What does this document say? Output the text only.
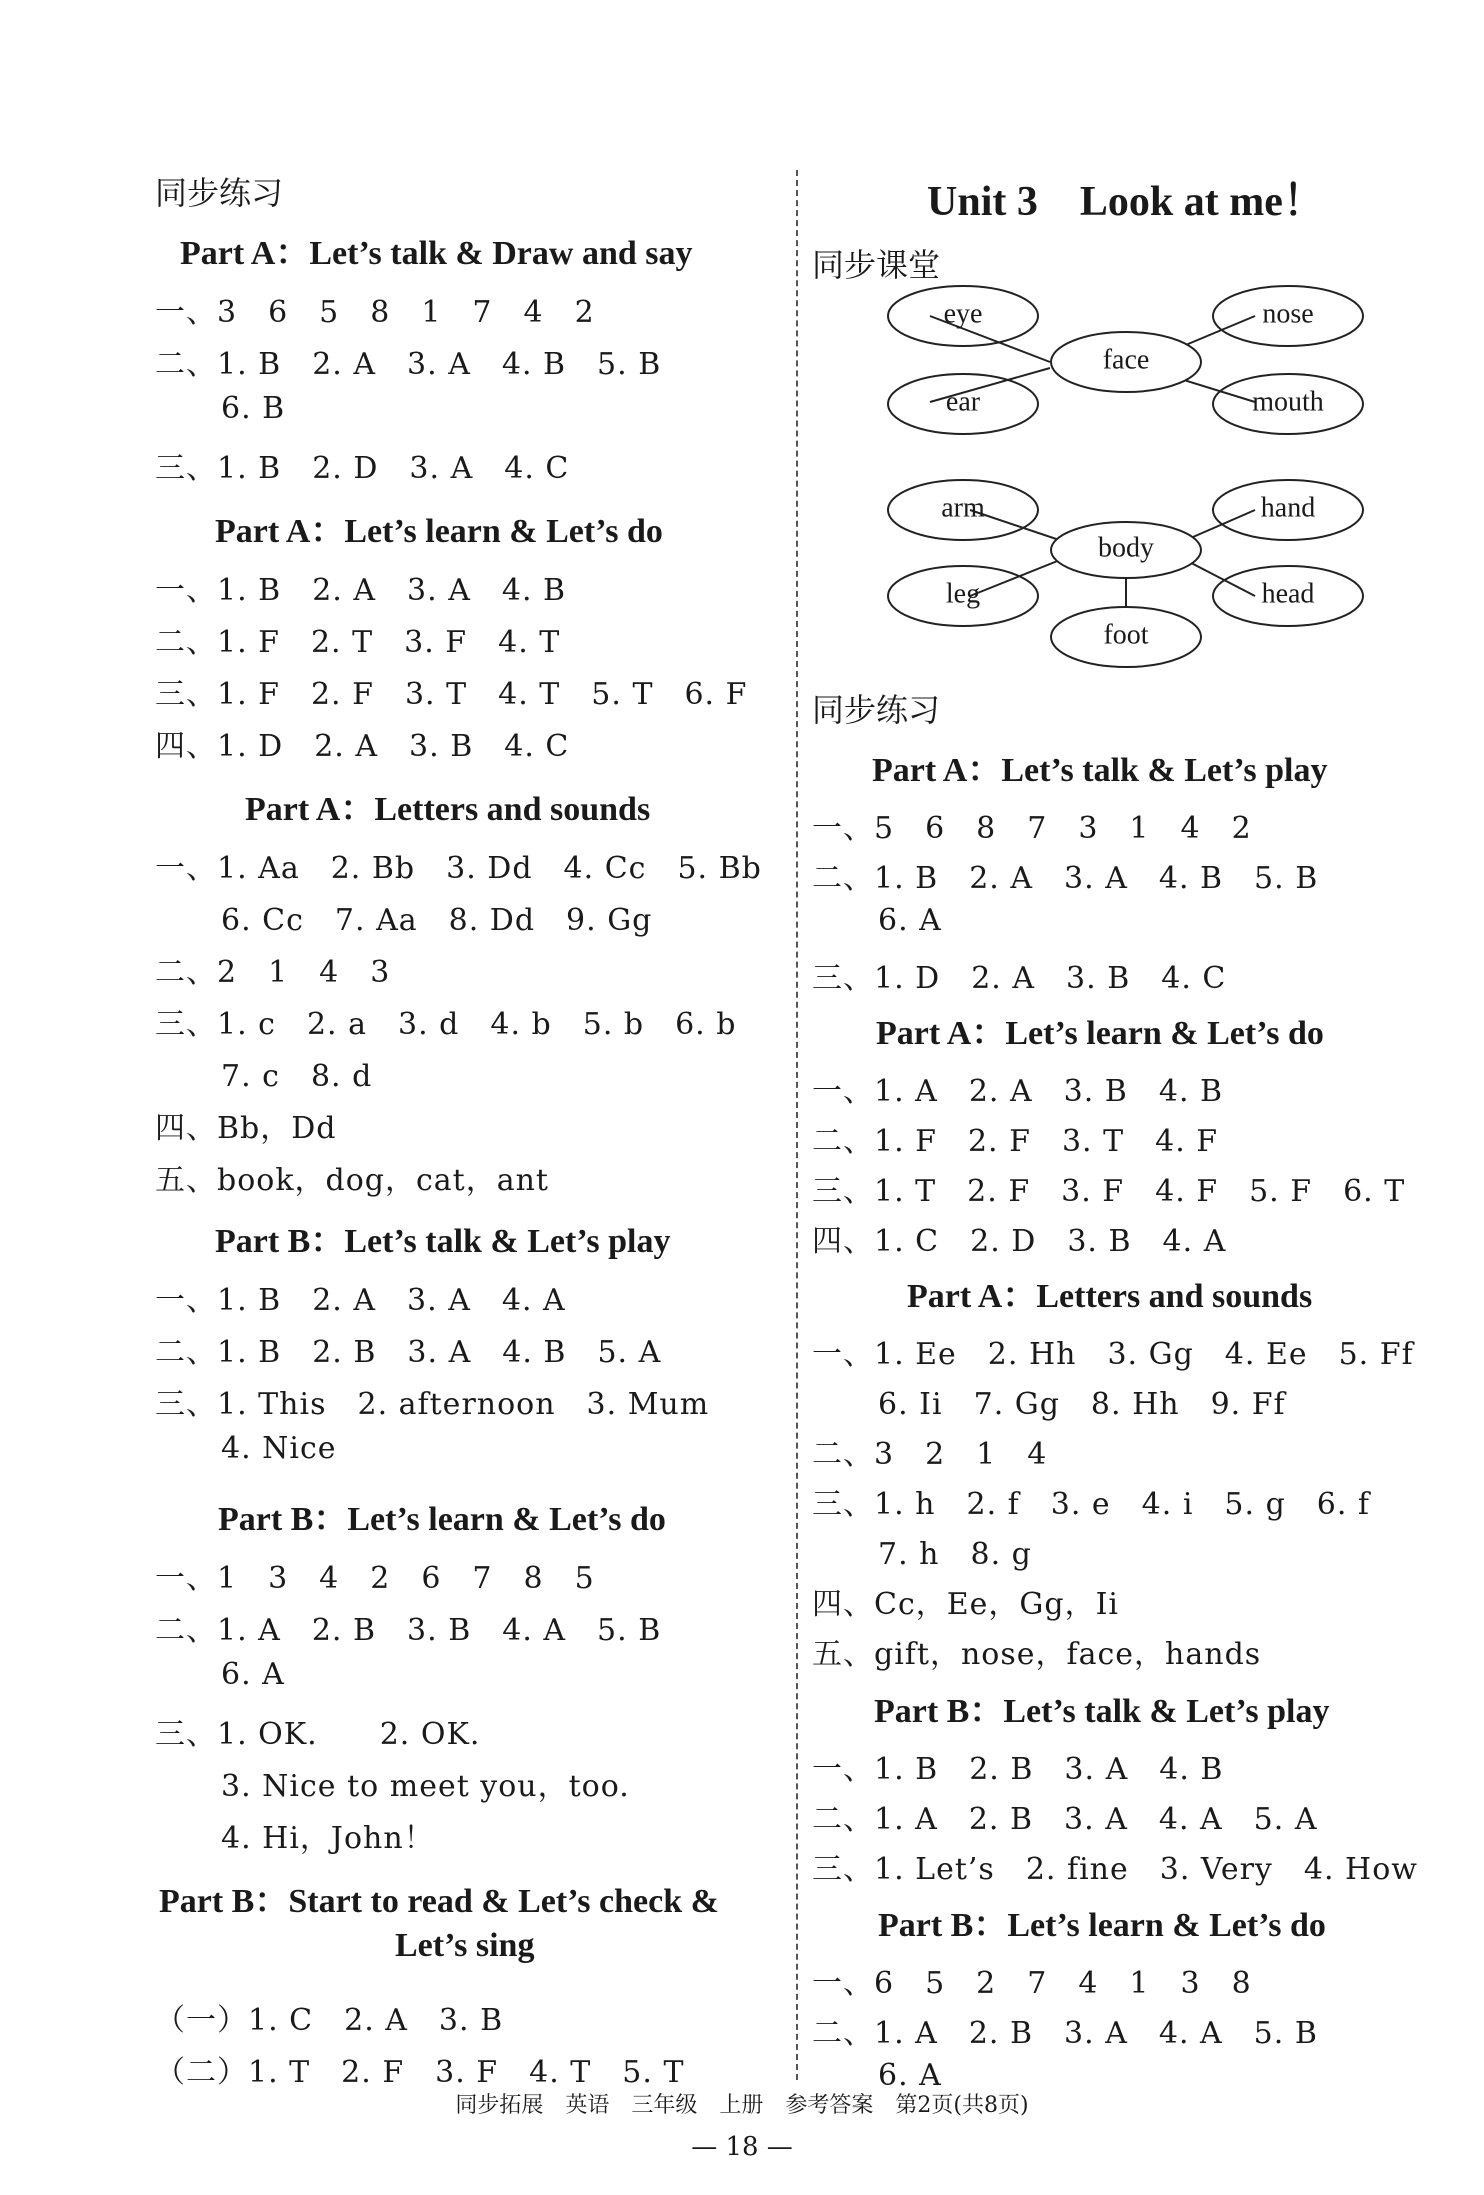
同步练习
Part A：Let’s talk & Draw and say
一、3　6　5　8　1　7　4　2
二、1. B　2. A　3. A　4. B　5. B
6. B
三、1. B　2. D　3. A　4. C
Part A：Let’s learn & Let’s do
一、1. B　2. A　3. A　4. B
二、1. F　2. T　3. F　4. T
三、1. F　2. F　3. T　4. T　5. T　6. F
四、1. D　2. A　3. B　4. C
Part A：Letters and sounds
一、1. Aa　2. Bb　3. Dd　4. Cc　5. Bb
6. Cc　7. Aa　8. Dd　9. Gg
二、2　1　4　3
三、1. c　2. a　3. d　4. b　5. b　6. b
7. c　8. d
四、Bb，Dd
五、book，dog，cat，ant
Part B：Let’s talk & Let’s play
一、1. B　2. A　3. A　4. A
二、1. B　2. B　3. A　4. B　5. A
三、1. This　2. afternoon　3. Mum
4. Nice
Part B：Let’s learn & Let’s do
一、1　3　4　2　6　7　8　5
二、1. A　2. B　3. B　4. A　5. B
6. A
三、1. OK.　　2. OK.
3. Nice to meet you，too.
4. Hi，John！
Part B：Start to read & Let’s check &
Let’s sing
（一）1. C　2. A　3. B
（二）1. T　2. F　3. F　4. T　5. T
Unit 3　Look at me！
同步课堂
同步练习
Part A：Let’s talk & Let’s play
一、5　6　8　7　3　1　4　2
二、1. B　2. A　3. A　4. B　5. B
6. A
三、1. D　2. A　3. B　4. C
Part A：Let’s learn & Let’s do
一、1. A　2. A　3. B　4. B
二、1. F　2. F　3. T　4. F
三、1. T　2. F　3. F　4. F　5. F　6. T
四、1. C　2. D　3. B　4. A
Part A：Letters and sounds
一、1. Ee　2. Hh　3. Gg　4. Ee　5. Ff
6. Ii　7. Gg　8. Hh　9. Ff
二、3　2　1　4
三、1. h　2. f　3. e　4. i　5. g　6. f
7. h　8. g
四、Cc，Ee，Gg，Ii
五、gift，nose，face，hands
Part B：Let’s talk & Let’s play
一、1. B　2. B　3. A　4. B
二、1. A　2. B　3. A　4. A　5. A
三、1. Let’s　2. fine　3. Very　4. How
Part B：Let’s learn & Let’s do
一、6　5　2　7　4　1　3　8
二、1. A　2. B　3. A　4. A　5. B
6. A
eye	nose
ear	mouth
face
arm	hand
leg	head
body
foot
同步拓展　英语　三年级　上册　参考答案　第2页(共8页)
— 18 —
